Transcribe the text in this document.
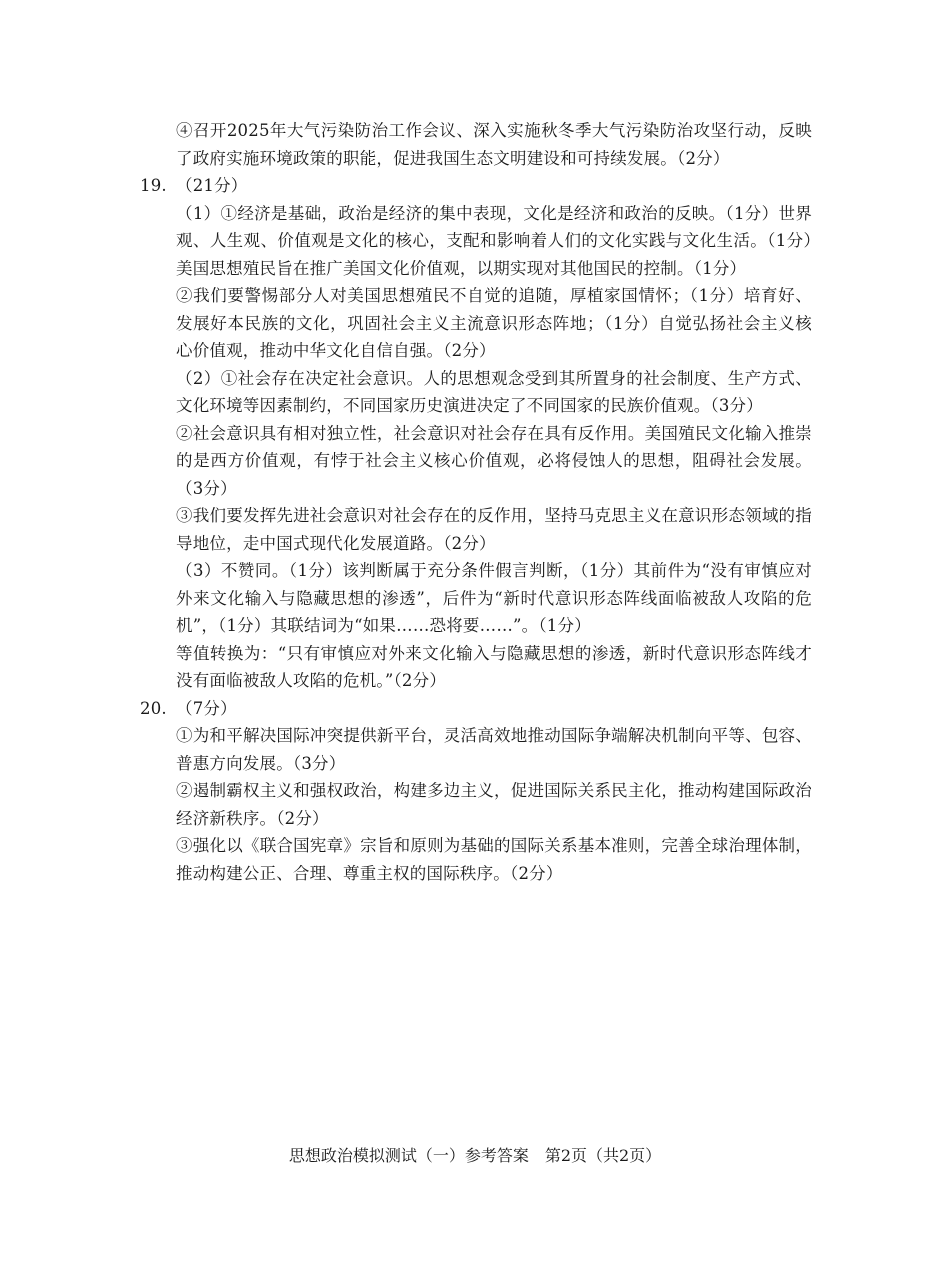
④召开2025年大气污染防治工作会议、深入实施秋冬季大气污染防治攻坚行动，反映了政府实施环境政策的职能，促进我国生态文明建设和可持续发展。（2分）

19. （21分）

（1）①经济是基础，政治是经济的集中表现，文化是经济和政治的反映。（1分）世界观、人生观、价值观是文化的核心，支配和影响着人们的文化实践与文化生活。（1分）美国思想殖民旨在推广美国文化价值观，以期实现对其他国民的控制。（1分）

②我们要警惕部分人对美国思想殖民不自觉的追随，厚植家国情怀；（1分）培育好、发展好本民族的文化，巩固社会主义主流意识形态阵地；（1分）自觉弘扬社会主义核心价值观，推动中华文化自信自强。（2分）

（2）①社会存在决定社会意识。人的思想观念受到其所置身的社会制度、生产方式、文化环境等因素制约，不同国家历史演进决定了不同国家的民族价值观。（3分）

②社会意识具有相对独立性，社会意识对社会存在具有反作用。美国殖民文化输入推崇的是西方价值观，有悖于社会主义核心价值观，必将侵蚀人的思想，阻碍社会发展。（3分）

③我们要发挥先进社会意识对社会存在的反作用，坚持马克思主义在意识形态领域的指导地位，走中国式现代化发展道路。（2分）

（3）不赞同。（1分）该判断属于充分条件假言判断，（1分）其前件为“没有审慎应对外来文化输入与隐藏思想的渗透”，后件为“新时代意识形态阵线面临被敌人攻陷的危机”，（1分）其联结词为“如果……恐将要……”。（1分）

等值转换为：“只有审慎应对外来文化输入与隐藏思想的渗透，新时代意识形态阵线才没有面临被敌人攻陷的危机。”（2分）

20. （7分）

①为和平解决国际冲突提供新平台，灵活高效地推动国际争端解决机制向平等、包容、普惠方向发展。（3分）

②遏制霸权主义和强权政治，构建多边主义，促进国际关系民主化，推动构建国际政治经济新秩序。（2分）

③强化以《联合国宪章》宗旨和原则为基础的国际关系基本准则，完善全球治理体制，推动构建公正、合理、尊重主权的国际秩序。（2分）

思想政治模拟测试（一）参考答案　第2页（共2页）
